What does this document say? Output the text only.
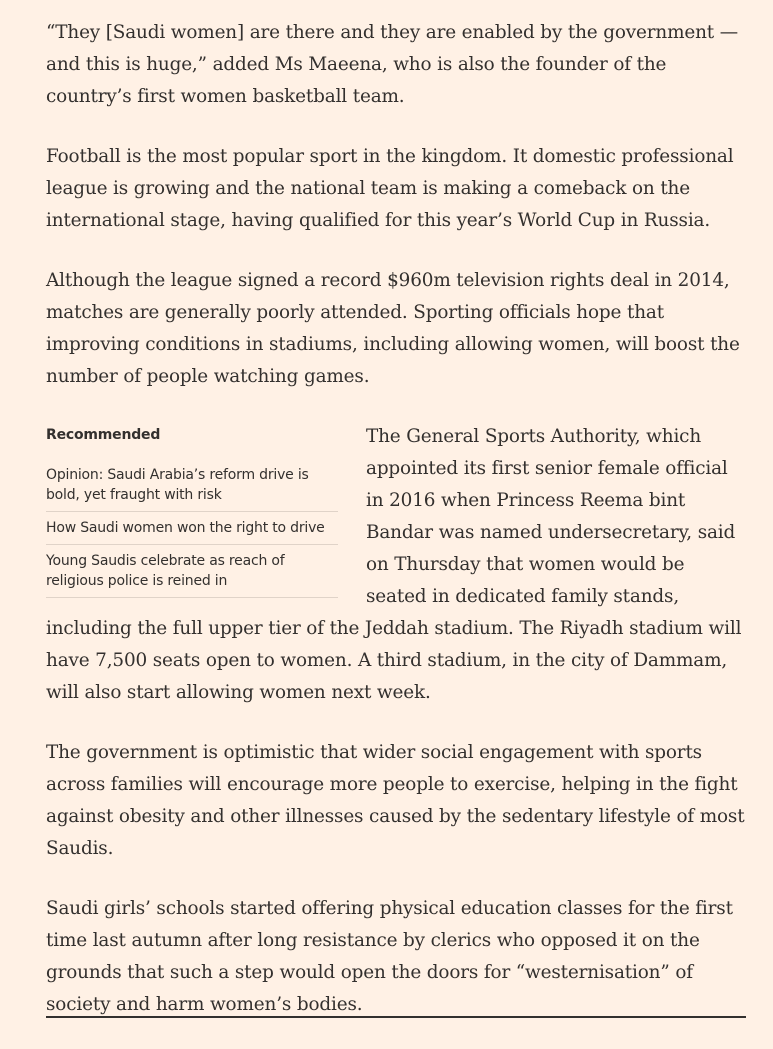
“They [Saudi women] are there and they are enabled by the government — and this is huge,” added Ms Maeena, who is also the founder of the country’s first women basketball team.

Football is the most popular sport in the kingdom. It domestic professional league is growing and the national team is making a comeback on the international stage, having qualified for this year’s World Cup in Russia.

Although the league signed a record $960m television rights deal in 2014, matches are generally poorly attended. Sporting officials hope that improving conditions in stadiums, including allowing women, will boost the number of people watching games.

Recommended
Opinion: Saudi Arabia’s reform drive is bold, yet fraught with risk
How Saudi women won the right to drive
Young Saudis celebrate as reach of religious police is reined in

The General Sports Authority, which appointed its first senior female official in 2016 when Princess Reema bint Bandar was named undersecretary, said on Thursday that women would be seated in dedicated family stands, including the full upper tier of the Jeddah stadium. The Riyadh stadium will have 7,500 seats open to women. A third stadium, in the city of Dammam, will also start allowing women next week.

The government is optimistic that wider social engagement with sports across families will encourage more people to exercise, helping in the fight against obesity and other illnesses caused by the sedentary lifestyle of most Saudis.

Saudi girls’ schools started offering physical education classes for the first time last autumn after long resistance by clerics who opposed it on the grounds that such a step would open the doors for “westernisation” of society and harm women’s bodies.
